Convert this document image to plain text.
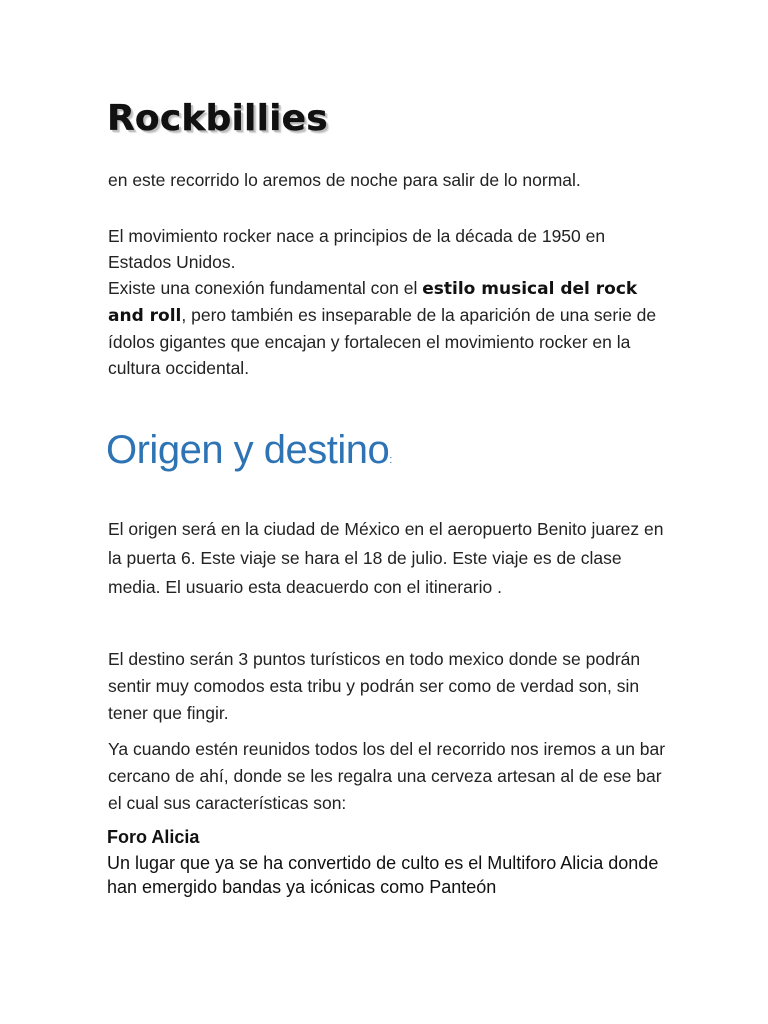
Rockbillies
en este recorrido lo aremos de noche para salir de lo normal.
El movimiento rocker nace a principios de la década de 1950 en Estados Unidos.
Existe una conexión fundamental con el estilo musical del rock and roll, pero también es inseparable de la aparición de una serie de ídolos gigantes que encajan y fortalecen el movimiento rocker en la cultura occidental.
Origen y destino:
El origen será en la ciudad de México en el aeropuerto Benito juarez en la puerta 6. Este viaje se hara el 18 de julio. Este viaje es de clase media. El usuario esta deacuerdo con el itinerario .
El destino serán 3 puntos turísticos en todo mexico donde se podrán sentir muy comodos esta tribu y podrán ser como de verdad son, sin tener que fingir.
Ya cuando estén reunidos todos los del el recorrido nos iremos a un bar cercano de ahí, donde se les regalra una cerveza artesan al de ese bar el cual sus características son:
Foro Alicia
Un lugar que ya se ha convertido de culto es el Multiforo Alicia donde han emergido bandas ya icónicas como Panteón
